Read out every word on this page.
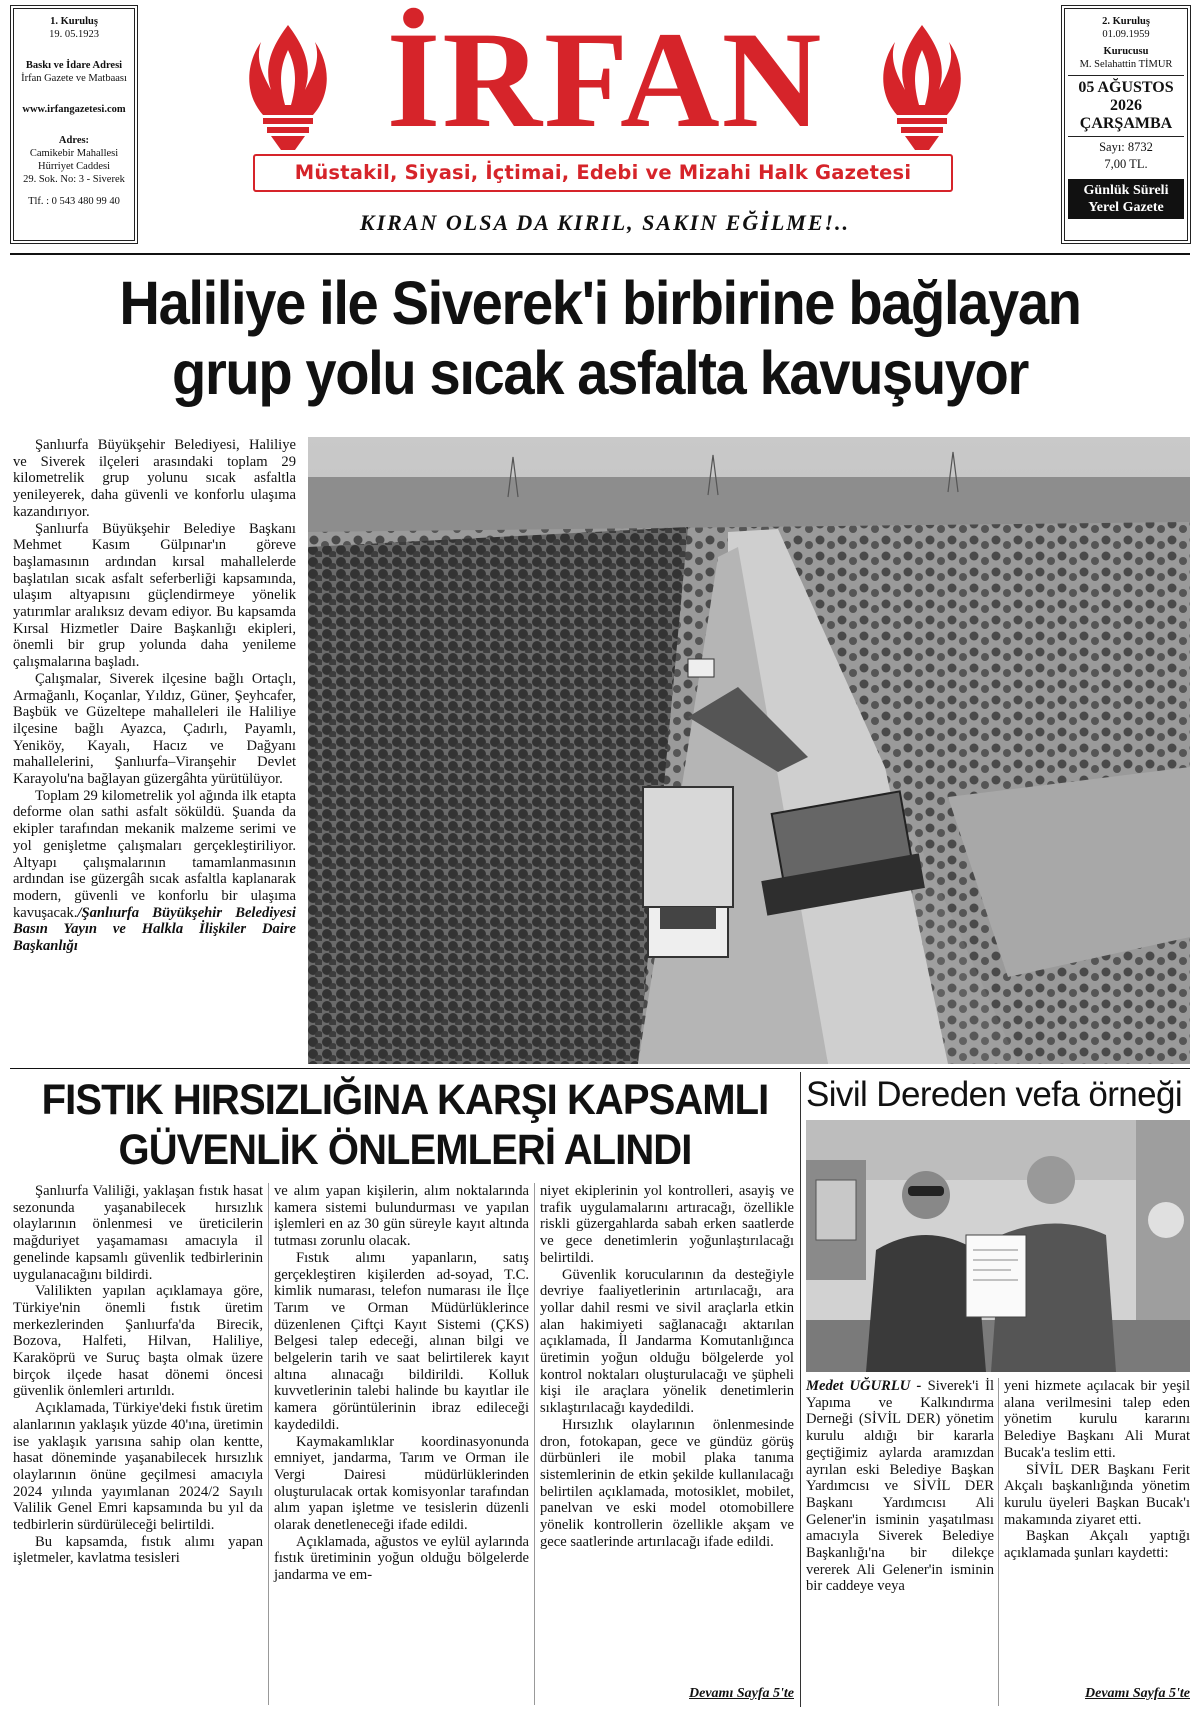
1. Kuruluş
19. 05.1923
Baskı ve İdare Adresi
İrfan Gazete ve Matbaası
www.irfangazetesi.com
Adres:
Camikebir Mahallesi
Hürriyet Caddesi
29. Sok. No: 3 - Siverek
Tlf. : 0 543 480 99 40
İRFAN
Müstakil, Siyasi, İçtimai, Edebi ve Mizahi Halk Gazetesi
KIRAN OLSA DA KIRIL, SAKIN EĞİLME!..
2. Kuruluş
01.09.1959
Kurucusu
M. Selahattin TİMUR
05 AĞUSTOS
2026
ÇARŞAMBA
Sayı: 8732
7,00 TL.
Günlük Süreli
Yerel Gazete
Haliliye ile Siverek'i birbirine bağlayan
grup yolu sıcak asfalta kavuşuyor

Şanlıurfa Büyükşehir Belediyesi, Haliliye ve Siverek ilçeleri arasındaki toplam 29 kilometrelik grup yolunu sıcak asfaltla yenileyerek, daha güvenli ve konforlu ulaşıma kazandırıyor.

Şanlıurfa Büyükşehir Belediye Başkanı Mehmet Kasım Gülpınar'ın göreve başlamasının ardından kırsal mahallelerde başlatılan sıcak asfalt seferberliği kapsamında, ulaşım altyapısını güçlendirmeye yönelik yatırımlar aralıksız devam ediyor. Bu kapsamda Kırsal Hizmetler Daire Başkanlığı ekipleri, önemli bir grup yolunda daha yenileme çalışmalarına başladı.

Çalışmalar, Siverek ilçesine bağlı Ortaçlı, Armağanlı, Koçanlar, Yıldız, Güner, Şeyhcafer, Başbük ve Güzeltepe mahalleleri ile Haliliye ilçesine bağlı Ayazca, Çadırlı, Payamlı, Yeniköy, Kayalı, Hacız ve Dağyanı mahallelerini, Şanlıurfa–Viranşehir Devlet Karayolu'na bağlayan güzergâhta yürütülüyor.

Toplam 29 kilometrelik yol ağında ilk etapta deforme olan sathi asfalt söküldü. Şuanda da ekipler tarafından mekanik malzeme serimi ve yol genişletme çalışmaları gerçekleştiriliyor. Altyapı çalışmalarının tamamlanmasının ardından ise güzergâh sıcak asfaltla kaplanarak modern, güvenli ve konforlu bir ulaşıma kavuşacak./Şanlıurfa Büyükşehir Belediyesi Basın Yayın ve Halkla İlişkiler Daire Başkanlığı

FISTIK HIRSIZLIĞINA KARŞI KAPSAMLI
GÜVENLİK ÖNLEMLERİ ALINDI

Şanlıurfa Valiliği, yaklaşan fıstık hasat sezonunda yaşanabilecek hırsızlık olaylarının önlenmesi ve üreticilerin mağduriyet yaşamaması amacıyla il genelinde kapsamlı güvenlik tedbirlerinin uygulanacağını bildirdi.

Valilikten yapılan açıklamaya göre, Türkiye'nin önemli fıstık üretim merkezlerinden Şanlıurfa'da Birecik, Bozova, Halfeti, Hilvan, Haliliye, Karaköprü ve Suruç başta olmak üzere birçok ilçede hasat dönemi öncesi güvenlik önlemleri artırıldı.

Açıklamada, Türkiye'deki fıstık üretim alanlarının yaklaşık yüzde 40'ına, üretimin ise yaklaşık yarısına sahip olan kentte, hasat döneminde yaşanabilecek hırsızlık olaylarının önüne geçilmesi amacıyla 2024 yılında yayımlanan 2024/2 Sayılı Valilik Genel Emri kapsamında bu yıl da tedbirlerin sürdürüleceği belirtildi.

Bu kapsamda, fıstık alımı yapan işletmeler, kavlatma tesisleri

ve alım yapan kişilerin, alım noktalarında kamera sistemi bulundurması ve yapılan işlemleri en az 30 gün süreyle kayıt altında tutması zorunlu olacak.

Fıstık alımı yapanların, satış gerçekleştiren kişilerden ad-soyad, T.C. kimlik numarası, telefon numarası ile İlçe Tarım ve Orman Müdürlüklerince düzenlenen Çiftçi Kayıt Sistemi (ÇKS) Belgesi talep edeceği, alınan bilgi ve belgelerin tarih ve saat belirtilerek kayıt altına alınacağı bildirildi. Kolluk kuvvetlerinin talebi halinde bu kayıtlar ile kamera görüntülerinin ibraz edileceği kaydedildi.

Kaymakamlıklar koordinasyonunda emniyet, jandarma, Tarım ve Orman ile Vergi Dairesi müdürlüklerinden oluşturulacak ortak komisyonlar tarafından alım yapan işletme ve tesislerin düzenli olarak denetleneceği ifade edildi.

Açıklamada, ağustos ve eylül aylarında fıstık üretiminin yoğun olduğu bölgelerde jandarma ve em-

niyet ekiplerinin yol kontrolleri, asayiş ve trafik uygulamalarını artıracağı, özellikle riskli güzergahlarda sabah erken saatlerde ve gece denetimlerin yoğunlaştırılacağı belirtildi.

Güvenlik korucularının da desteğiyle devriye faaliyetlerinin artırılacağı, ara yollar dahil resmi ve sivil araçlarla etkin alan hakimiyeti sağlanacağı aktarılan açıklamada, İl Jandarma Komutanlığınca üretimin yoğun olduğu bölgelerde yol kontrol noktaları oluşturulacağı ve şüpheli kişi ile araçlara yönelik denetimlerin sıklaştırılacağı kaydedildi.

Hırsızlık olaylarının önlenmesinde dron, fotokapan, gece ve gündüz görüş dürbünleri ile mobil plaka tanıma sistemlerinin de etkin şekilde kullanılacağı belirtilen açıklamada, motosiklet, mobilet, panelvan ve eski model otomobillere yönelik kontrollerin özellikle akşam ve gece saatlerinde artırılacağı ifade edildi.

Devamı Sayfa 5'te
Sivil Dereden vefa örneği

Medet UĞURLU - Siverek'i İl Yapıma ve Kalkındırma Derneği (SİVİL DER) yönetim kurulu aldığı bir kararla geçtiğimiz aylarda aramızdan ayrılan eski Belediye Başkan Yardımcısı ve SİVİL DER Başkanı Yardımcısı Ali Gelener'in isminin yaşatılması amacıyla Siverek Belediye Başkanlığı'na bir dilekçe vererek Ali Gelener'in isminin bir caddeye veya

yeni hizmete açılacak bir yeşil alana verilmesini talep eden yönetim kurulu kararını Belediye Başkanı Ali Murat Bucak'a teslim etti.

SİVİL DER Başkanı Ferit Akçalı başkanlığında yönetim kurulu üyeleri Başkan Bucak'ı makamında ziyaret etti.

Başkan Akçalı yaptığı açıklamada şunları kaydetti:

Devamı Sayfa 5'te
